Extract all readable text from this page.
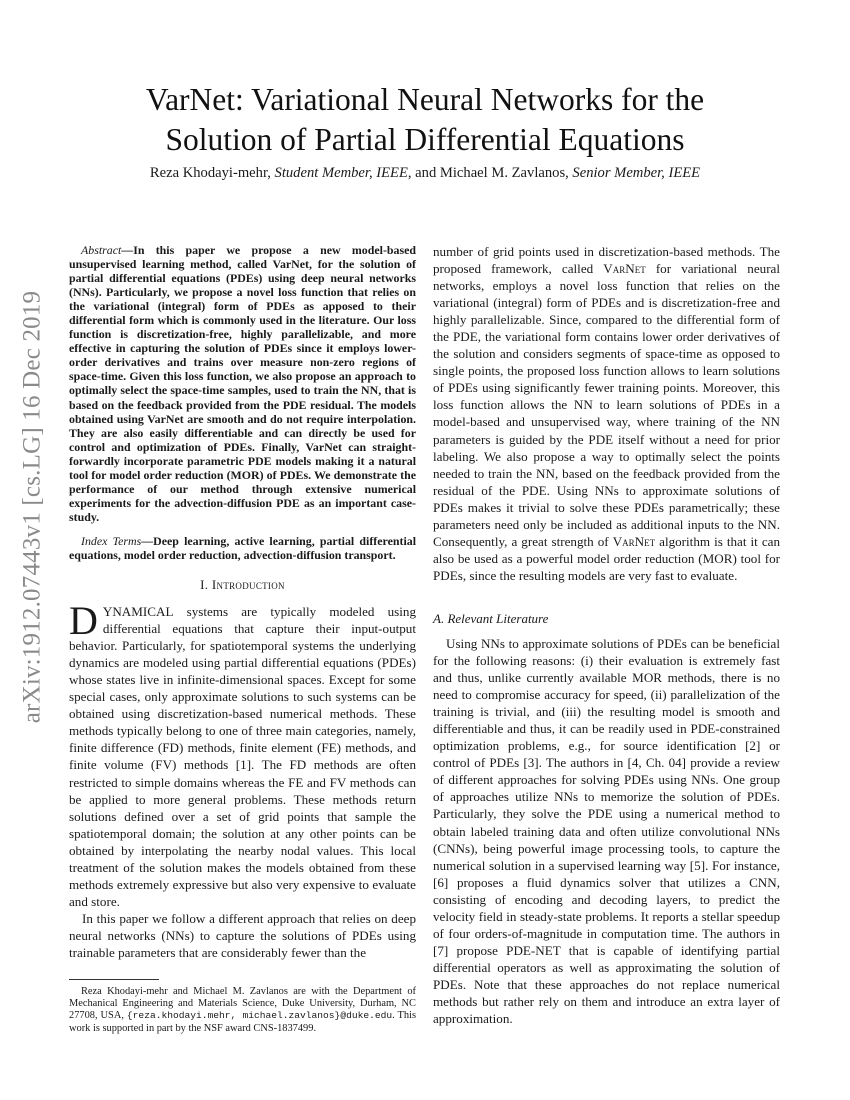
arXiv:1912.07443v1 [cs.LG] 16 Dec 2019
VarNet: Variational Neural Networks for the
Solution of Partial Differential Equations
Reza Khodayi-mehr, Student Member, IEEE, and Michael M. Zavlanos, Senior Member, IEEE

Abstract—In this paper we propose a new model-based unsupervised learning method, called VarNet, for the solution of partial differential equations (PDEs) using deep neural networks (NNs). Particularly, we propose a novel loss function that relies on the variational (integral) form of PDEs as apposed to their differential form which is commonly used in the literature. Our loss function is discretization-free, highly parallelizable, and more effective in capturing the solution of PDEs since it employs lower-order derivatives and trains over measure non-zero regions of space-time. Given this loss function, we also propose an approach to optimally select the space-time samples, used to train the NN, that is based on the feedback provided from the PDE residual. The models obtained using VarNet are smooth and do not require interpolation. They are also easily differentiable and can directly be used for control and optimization of PDEs. Finally, VarNet can straight-forwardly incorporate parametric PDE models making it a natural tool for model order reduction (MOR) of PDEs. We demonstrate the performance of our method through extensive numerical experiments for the advection-diffusion PDE as an important case-study.

Index Terms—Deep learning, active learning, partial differential equations, model order reduction, advection-diffusion transport.

I. Introduction

DYNAMICAL systems are typically modeled using differential equations that capture their input-output behavior. Particularly, for spatiotemporal systems the underlying dynamics are modeled using partial differential equations (PDEs) whose states live in infinite-dimensional spaces. Except for some special cases, only approximate solutions to such systems can be obtained using discretization-based numerical methods. These methods typically belong to one of three main categories, namely, finite difference (FD) methods, finite element (FE) methods, and finite volume (FV) methods [1]. The FD methods are often restricted to simple domains whereas the FE and FV methods can be applied to more general problems. These methods return solutions defined over a set of grid points that sample the spatiotemporal domain; the solution at any other points can be obtained by interpolating the nearby nodal values. This local treatment of the solution makes the models obtained from these methods extremely expressive but also very expensive to evaluate and store.

In this paper we follow a different approach that relies on deep neural networks (NNs) to capture the solutions of PDEs using trainable parameters that are considerably fewer than the

Reza Khodayi-mehr and Michael M. Zavlanos are with the Department of Mechanical Engineering and Materials Science, Duke University, Durham, NC 27708, USA, {reza.khodayi.mehr, michael.zavlanos}@duke.edu. This work is supported in part by the NSF award CNS-1837499.

number of grid points used in discretization-based methods. The proposed framework, called VarNet for variational neural networks, employs a novel loss function that relies on the variational (integral) form of PDEs and is discretization-free and highly parallelizable. Since, compared to the differential form of the PDE, the variational form contains lower order derivatives of the solution and considers segments of space-time as opposed to single points, the proposed loss function allows to learn solutions of PDEs using significantly fewer training points. Moreover, this loss function allows the NN to learn solutions of PDEs in a model-based and unsupervised way, where training of the NN parameters is guided by the PDE itself without a need for prior labeling. We also propose a way to optimally select the points needed to train the NN, based on the feedback provided from the residual of the PDE. Using NNs to approximate solutions of PDEs makes it trivial to solve these PDEs parametrically; these parameters need only be included as additional inputs to the NN. Consequently, a great strength of VarNet algorithm is that it can also be used as a powerful model order reduction (MOR) tool for PDEs, since the resulting models are very fast to evaluate.

A. Relevant Literature

Using NNs to approximate solutions of PDEs can be beneficial for the following reasons: (i) their evaluation is extremely fast and thus, unlike currently available MOR methods, there is no need to compromise accuracy for speed, (ii) parallelization of the training is trivial, and (iii) the resulting model is smooth and differentiable and thus, it can be readily used in PDE-constrained optimization problems, e.g., for source identification [2] or control of PDEs [3]. The authors in [4, Ch. 04] provide a review of different approaches for solving PDEs using NNs. One group of approaches utilize NNs to memorize the solution of PDEs. Particularly, they solve the PDE using a numerical method to obtain labeled training data and often utilize convolutional NNs (CNNs), being powerful image processing tools, to capture the numerical solution in a supervised learning way [5]. For instance, [6] proposes a fluid dynamics solver that utilizes a CNN, consisting of encoding and decoding layers, to predict the velocity field in steady-state problems. It reports a stellar speedup of four orders-of-magnitude in computation time. The authors in [7] propose PDE-NET that is capable of identifying partial differential operators as well as approximating the solution of PDEs. Note that these approaches do not replace numerical methods but rather rely on them and introduce an extra layer of approximation.
